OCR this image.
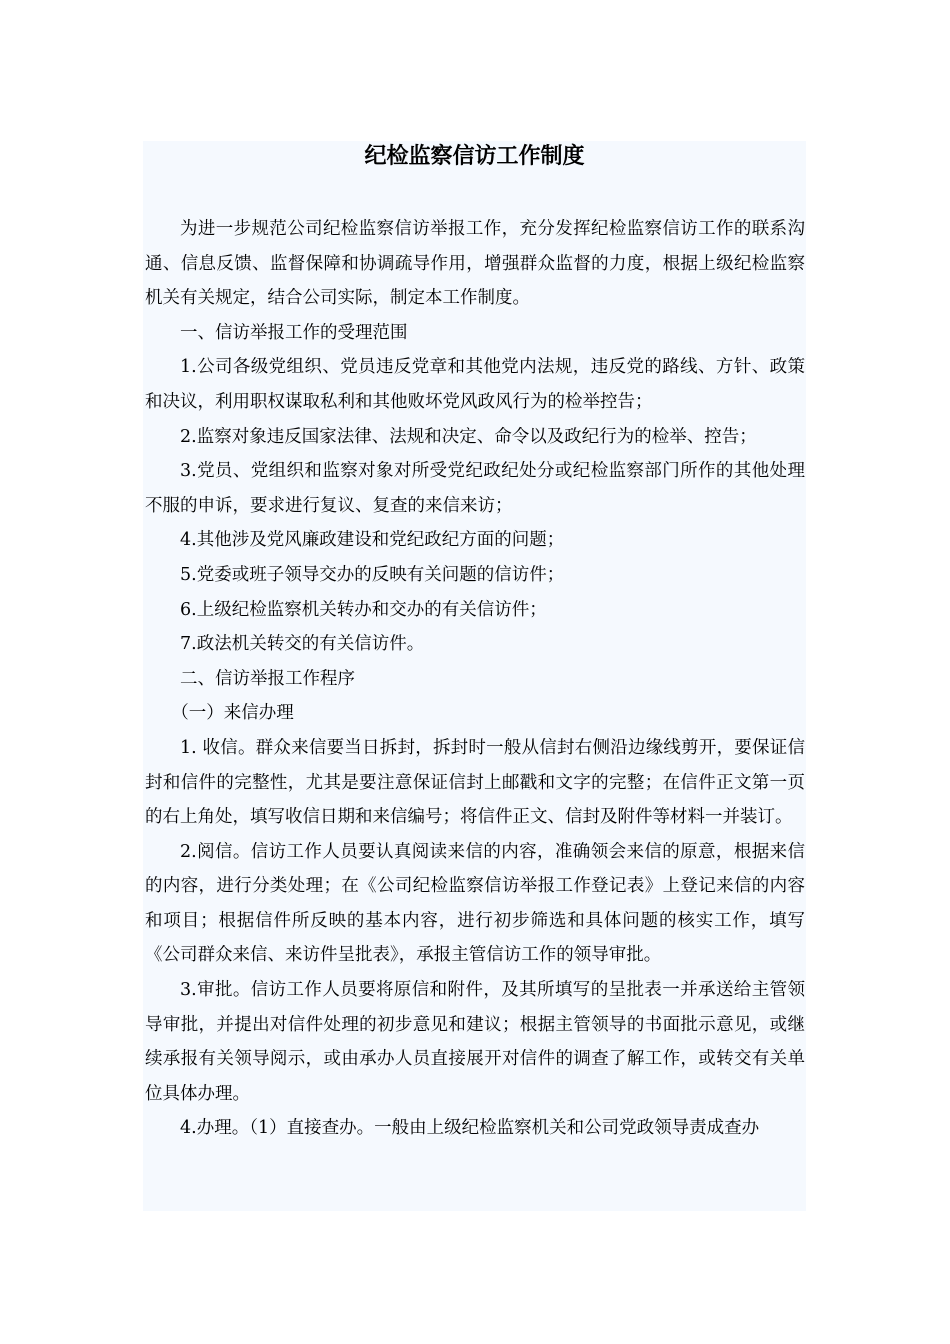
纪检监察信访工作制度

为进一步规范公司纪检监察信访举报工作，充分发挥纪检监察信访工作的联系沟通、信息反馈、监督保障和协调疏导作用，增强群众监督的力度，根据上级纪检监察机关有关规定，结合公司实际，制定本工作制度。

一、信访举报工作的受理范围

1.公司各级党组织、党员违反党章和其他党内法规，违反党的路线、方针、政策和决议，利用职权谋取私利和其他败坏党风政风行为的检举控告；

2.监察对象违反国家法律、法规和决定、命令以及政纪行为的检举、控告；

3.党员、党组织和监察对象对所受党纪政纪处分或纪检监察部门所作的其他处理不服的申诉，要求进行复议、复查的来信来访；

4.其他涉及党风廉政建设和党纪政纪方面的问题；

5.党委或班子领导交办的反映有关问题的信访件；

6.上级纪检监察机关转办和交办的有关信访件；

7.政法机关转交的有关信访件。

二、信访举报工作程序

（一）来信办理

1. 收信。群众来信要当日拆封，拆封时一般从信封右侧沿边缘线剪开，要保证信封和信件的完整性，尤其是要注意保证信封上邮戳和文字的完整；在信件正文第一页的右上角处，填写收信日期和来信编号；将信件正文、信封及附件等材料一并装订。

2.阅信。信访工作人员要认真阅读来信的内容，准确领会来信的原意，根据来信的内容，进行分类处理；在《公司纪检监察信访举报工作登记表》上登记来信的内容和项目；根据信件所反映的基本内容，进行初步筛选和具体问题的核实工作，填写《公司群众来信、来访件呈批表》，承报主管信访工作的领导审批。

3.审批。信访工作人员要将原信和附件，及其所填写的呈批表一并承送给主管领导审批，并提出对信件处理的初步意见和建议；根据主管领导的书面批示意见，或继续承报有关领导阅示，或由承办人员直接展开对信件的调查了解工作，或转交有关单位具体办理。

4.办理。（1）直接查办。一般由上级纪检监察机关和公司党政领导责成查办
